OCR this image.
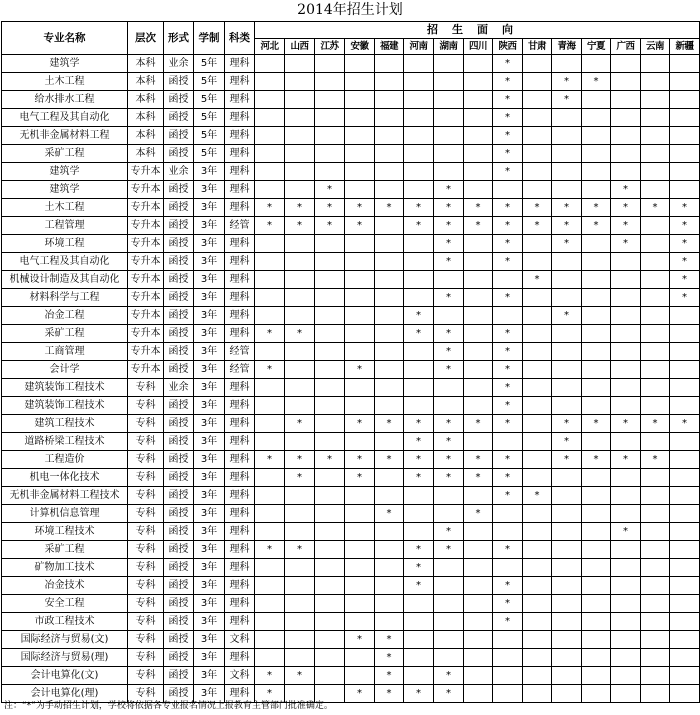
2014年招生计划
专业名称	层次	形式	学制	科类	招生面向														
					河北	山西	江苏	安徽	福建	河南	湖南	四川	陕西	甘肃	青海	宁夏	广西	云南	新疆
建筑学	本科	业余	5年	理科									*						
土木工程	本科	函授	5年	理科									*		*	*			
给水排水工程	本科	函授	5年	理科									*		*				
电气工程及其自动化	本科	函授	5年	理科									*						
无机非金属材料工程	本科	函授	5年	理科									*						
采矿工程	本科	函授	5年	理科									*						
建筑学	专升本	业余	3年	理科									*						
建筑学	专升本	函授	3年	理科			*				*						*		
土木工程	专升本	函授	3年	理科	*	*	*	*	*	*	*	*	*	*	*	*	*	*	*
工程管理	专升本	函授	3年	经管	*	*	*	*		*	*	*	*	*	*	*	*		*
环境工程	专升本	函授	3年	理科							*		*		*		*		*
电气工程及其自动化	专升本	函授	3年	理科							*		*						*
机械设计制造及其自动化	专升本	函授	3年	理科										*					*
材料科学与工程	专升本	函授	3年	理科							*		*						*
冶金工程	专升本	函授	3年	理科						*					*				
采矿工程	专升本	函授	3年	理科	*	*				*	*		*						
工商管理	专升本	函授	3年	经管							*		*						
会计学	专升本	函授	3年	经管	*			*			*		*						
建筑装饰工程技术	专科	业余	3年	理科									*						
建筑装饰工程技术	专科	函授	3年	理科									*						
建筑工程技术	专科	函授	3年	理科		*		*	*	*	*	*	*		*	*	*	*	*
道路桥梁工程技术	专科	函授	3年	理科						*	*				*				
工程造价	专科	函授	3年	理科	*	*	*	*	*	*	*	*	*		*	*	*	*	
机电一体化技术	专科	函授	3年	理科		*		*		*	*	*	*						
无机非金属材料工程技术	专科	函授	3年	理科									*	*					
计算机信息管理	专科	函授	3年	理科					*			*							
环境工程技术	专科	函授	3年	理科							*						*		
采矿工程	专科	函授	3年	理科	*	*				*	*		*						
矿物加工技术	专科	函授	3年	理科						*									
冶金技术	专科	函授	3年	理科						*			*						
安全工程	专科	函授	3年	理科									*						
市政工程技术	专科	函授	3年	理科									*						
国际经济与贸易(文)	专科	函授	3年	文科				*	*										
国际经济与贸易(理)	专科	函授	3年	理科					*										
会计电算化(文)	专科	函授	3年	文科	*	*			*		*								
会计电算化(理)	专科	函授	3年	理科	*			*	*	*	*								
注：“*”为手动招生计划，学校将依据各专业报名情况上报教育主管部门批准确定。
